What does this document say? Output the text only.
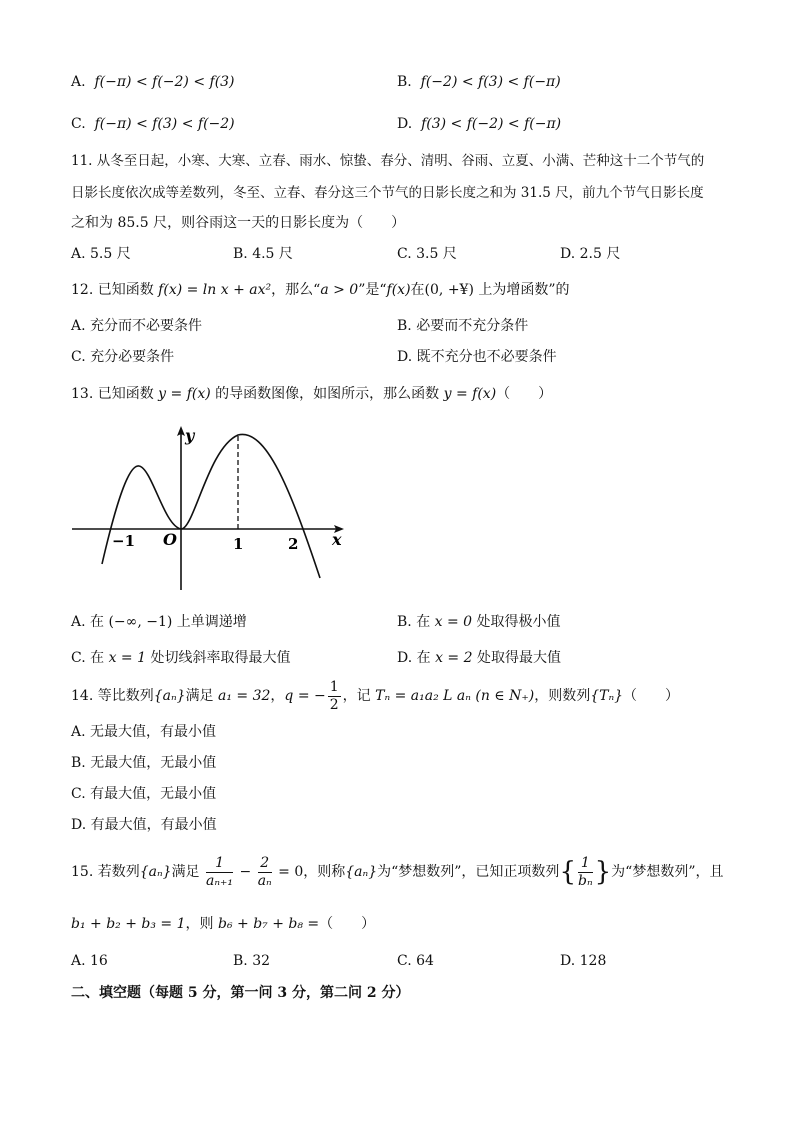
A. f(−π) < f(−2) < f(3)	B. f(−2) < f(3) < f(−π)
C. f(−π) < f(3) < f(−2)	D. f(3) < f(−2) < f(−π)
11. 从冬至日起，小寒、大寒、立春、雨水、惊蛰、春分、清明、谷雨、立夏、小满、芒种这十二个节气的
日影长度依次成等差数列，冬至、立春、春分这三个节气的日影长度之和为 31.5 尺，前九个节气日影长度
之和为 85.5 尺，则谷雨这一天的日影长度为（　　）
A. 5.5 尺	B. 4.5 尺	C. 3.5 尺	D. 2.5 尺
12. 已知函数 f(x) = ln x + ax²，那么“a > 0”是“f(x)在(0, +¥) 上为增函数”的
A. 充分而不必要条件	B. 必要而不充分条件
C. 充分必要条件	D. 既不充分也不必要条件
13. 已知函数 y = f(x) 的导函数图像，如图所示，那么函数 y = f(x)（　　）
y
x
O
−1	1	2
A. 在 (−∞, −1) 上单调递增	B. 在 x = 0 处取得极小值
C. 在 x = 1 处切线斜率取得最大值	D. 在 x = 2 处取得最大值
14. 等比数列{aₙ}满足 a₁ = 32，q = − $\frac{1}{2}$ ，记 Tₙ = a₁a₂ L aₙ (n ∈ N₊)，则数列{Tₙ}（　　）
A. 无最大值，有最小值
B. 无最大值，无最小值
C. 有最大值，无最小值
D. 有最大值，有最小值
15. 若数列{aₙ}满足 $\frac{1}{\text{aₙ₊₁}} - \frac{2}{\text{aₙ}} = 0$，则称{aₙ}为“梦想数列”，已知正项数列{ $\frac{1}{\text{bₙ}}$ }为“梦想数列”，且
b₁ + b₂ + b₃ = 1，则 b₆ + b₇ + b₈ =（　　）
A. 16	B. 32	C. 64	D. 128
二、填空题（每题 5 分，第一问 3 分，第二问 2 分）
